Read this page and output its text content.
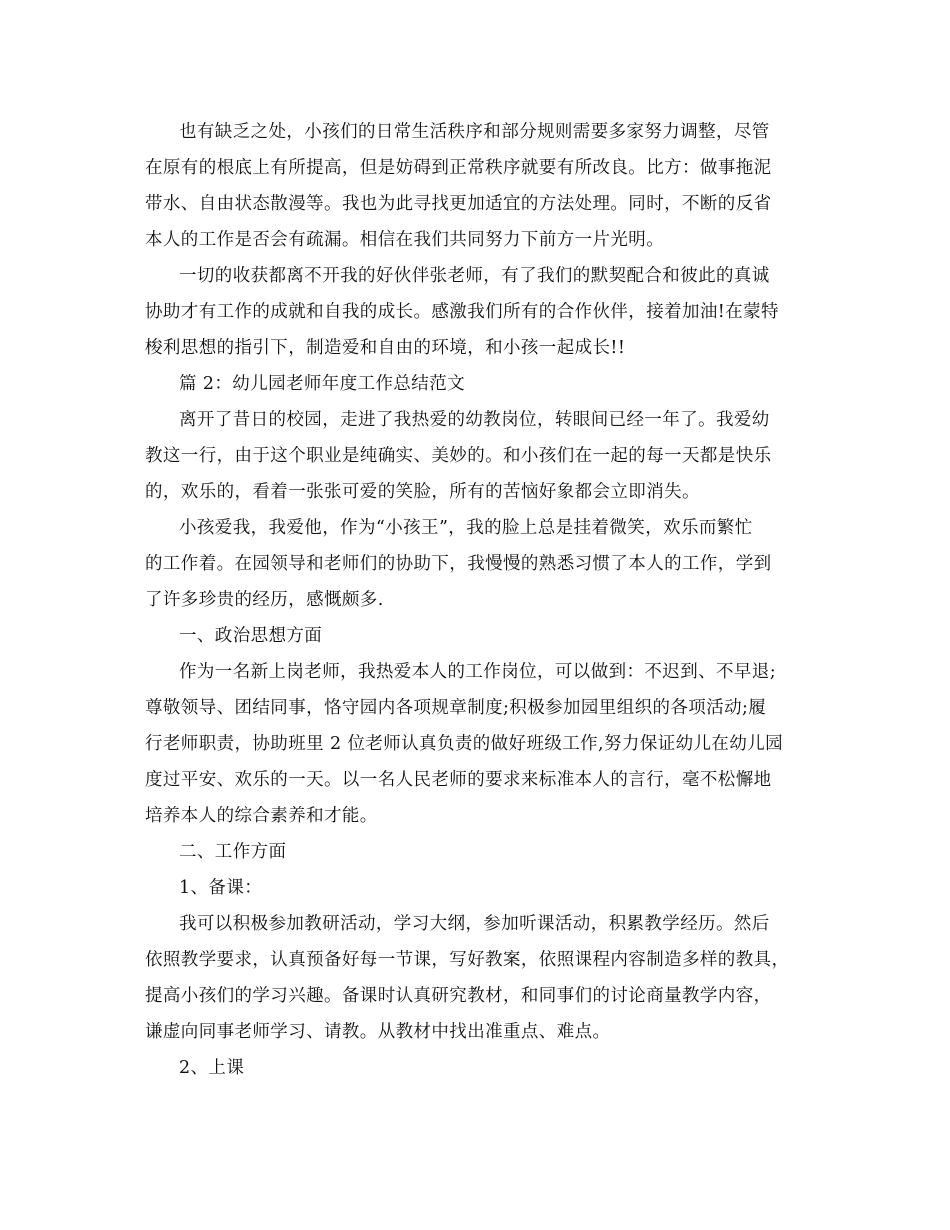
也有缺乏之处，小孩们的日常生活秩序和部分规则需要多家努力调整，尽管
在原有的根底上有所提高，但是妨碍到正常秩序就要有所改良。比方：做事拖泥
带水、自由状态散漫等。我也为此寻找更加适宜的方法处理。同时，不断的反省
本人的工作是否会有疏漏。相信在我们共同努力下前方一片光明。
一切的收获都离不开我的好伙伴张老师，有了我们的默契配合和彼此的真诚
协助才有工作的成就和自我的成长。感激我们所有的合作伙伴，接着加油!在蒙特
梭利思想的指引下，制造爱和自由的环境，和小孩一起成长!!
篇 2：幼儿园老师年度工作总结范文
离开了昔日的校园，走进了我热爱的幼教岗位，转眼间已经一年了。我爱幼
教这一行，由于这个职业是纯确实、美妙的。和小孩们在一起的每一天都是快乐
的，欢乐的，看着一张张可爱的笑脸，所有的苦恼好象都会立即消失。
小孩爱我，我爱他，作为“小孩王”，我的脸上总是挂着微笑，欢乐而繁忙
的工作着。在园领导和老师们的协助下，我慢慢的熟悉习惯了本人的工作，学到
了许多珍贵的经历，感慨颇多.
一、政治思想方面
作为一名新上岗老师，我热爱本人的工作岗位，可以做到：不迟到、不早退;
尊敬领导、团结同事，恪守园内各项规章制度;积极参加园里组织的各项活动;履
行老师职责，协助班里 2 位老师认真负责的做好班级工作,努力保证幼儿在幼儿园
度过平安、欢乐的一天。以一名人民老师的要求来标准本人的言行，毫不松懈地
培养本人的综合素养和才能。
二、工作方面
1、备课：
我可以积极参加教研活动，学习大纲，参加听课活动，积累教学经历。然后
依照教学要求，认真预备好每一节课，写好教案，依照课程内容制造多样的教具，
提高小孩们的学习兴趣。备课时认真研究教材，和同事们的讨论商量教学内容，
谦虚向同事老师学习、请教。从教材中找出准重点、难点。
2、上课
